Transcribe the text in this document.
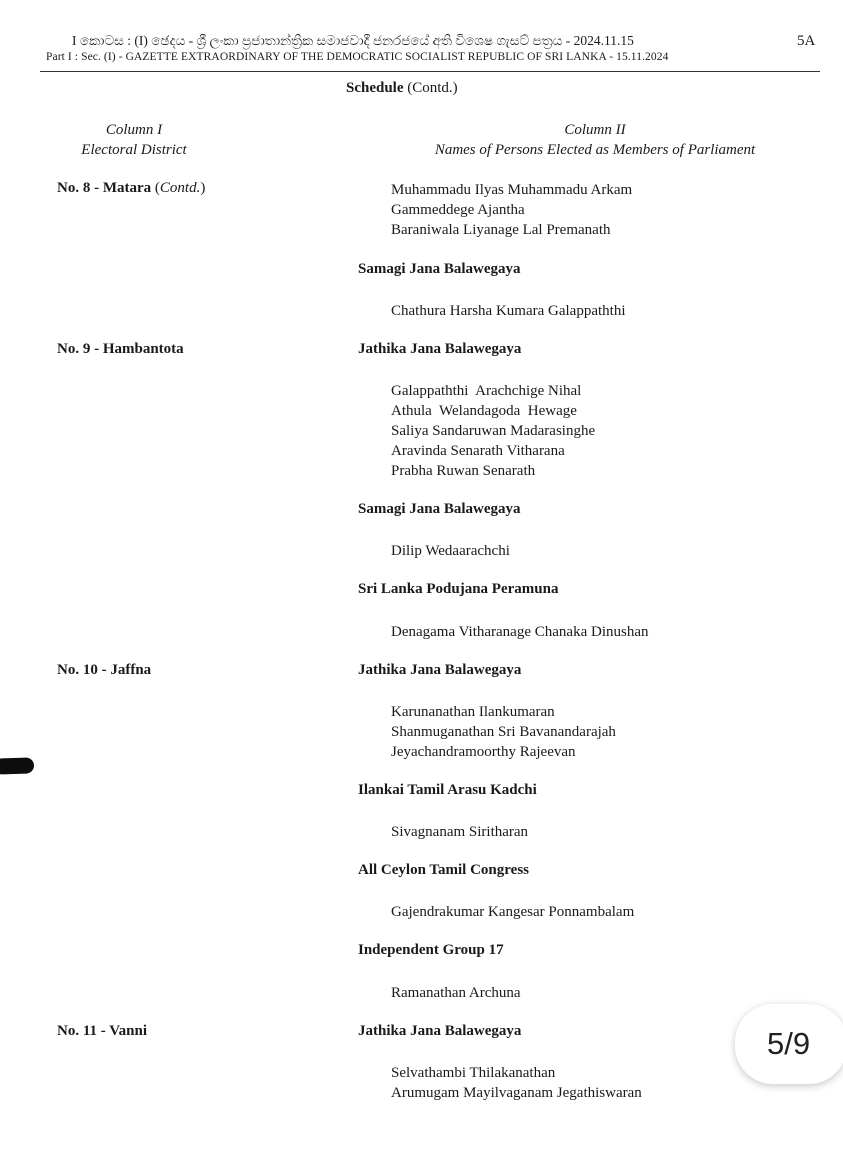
I කොටස : (I) ඡෙදය - ශ්‍රී ලංකා ප්‍රජාතාන්ත්‍රික සමාජවාදී ජනරජයේ අති විශෙෂ ගැසට් පත්‍රය - 2024.11.15
Part I : Sec. (I) - GAZETTE EXTRAORDINARY OF THE DEMOCRATIC SOCIALIST REPUBLIC OF SRI LANKA - 15.11.2024
5A
Schedule (Contd.)
Column I
Electoral District
Column II
Names of Persons Elected as Members of Parliament
No. 8 - Matara (Contd.)	Muhammadu Ilyas Muhammadu Arkam
Gammeddege Ajantha
Baraniwala Liyanage Lal Premanath
Samagi Jana Balawegaya
Chathura Harsha Kumara Galappaththi
No. 9 - Hambantota	Jathika Jana Balawegaya
Galappaththi  Arachchige Nihal
Athula  Welandagoda  Hewage
Saliya Sandaruwan Madarasinghe
Aravinda Senarath Vitharana
Prabha Ruwan Senarath
Samagi Jana Balawegaya
Dilip Wedaarachchi
Sri Lanka Podujana Peramuna
Denagama Vitharanage Chanaka Dinushan
No. 10 - Jaffna	Jathika Jana Balawegaya
Karunanathan Ilankumaran
Shanmuganathan Sri Bavanandarajah
Jeyachandramoorthy Rajeevan
Ilankai Tamil Arasu Kadchi
Sivagnanam Siritharan
All Ceylon Tamil Congress
Gajendrakumar Kangesar Ponnambalam
Independent Group 17
Ramanathan Archuna
No. 11 - Vanni	Jathika Jana Balawegaya
Selvathambi Thilakanathan
Arumugam Mayilvaganam Jegathiswaran
5/9
